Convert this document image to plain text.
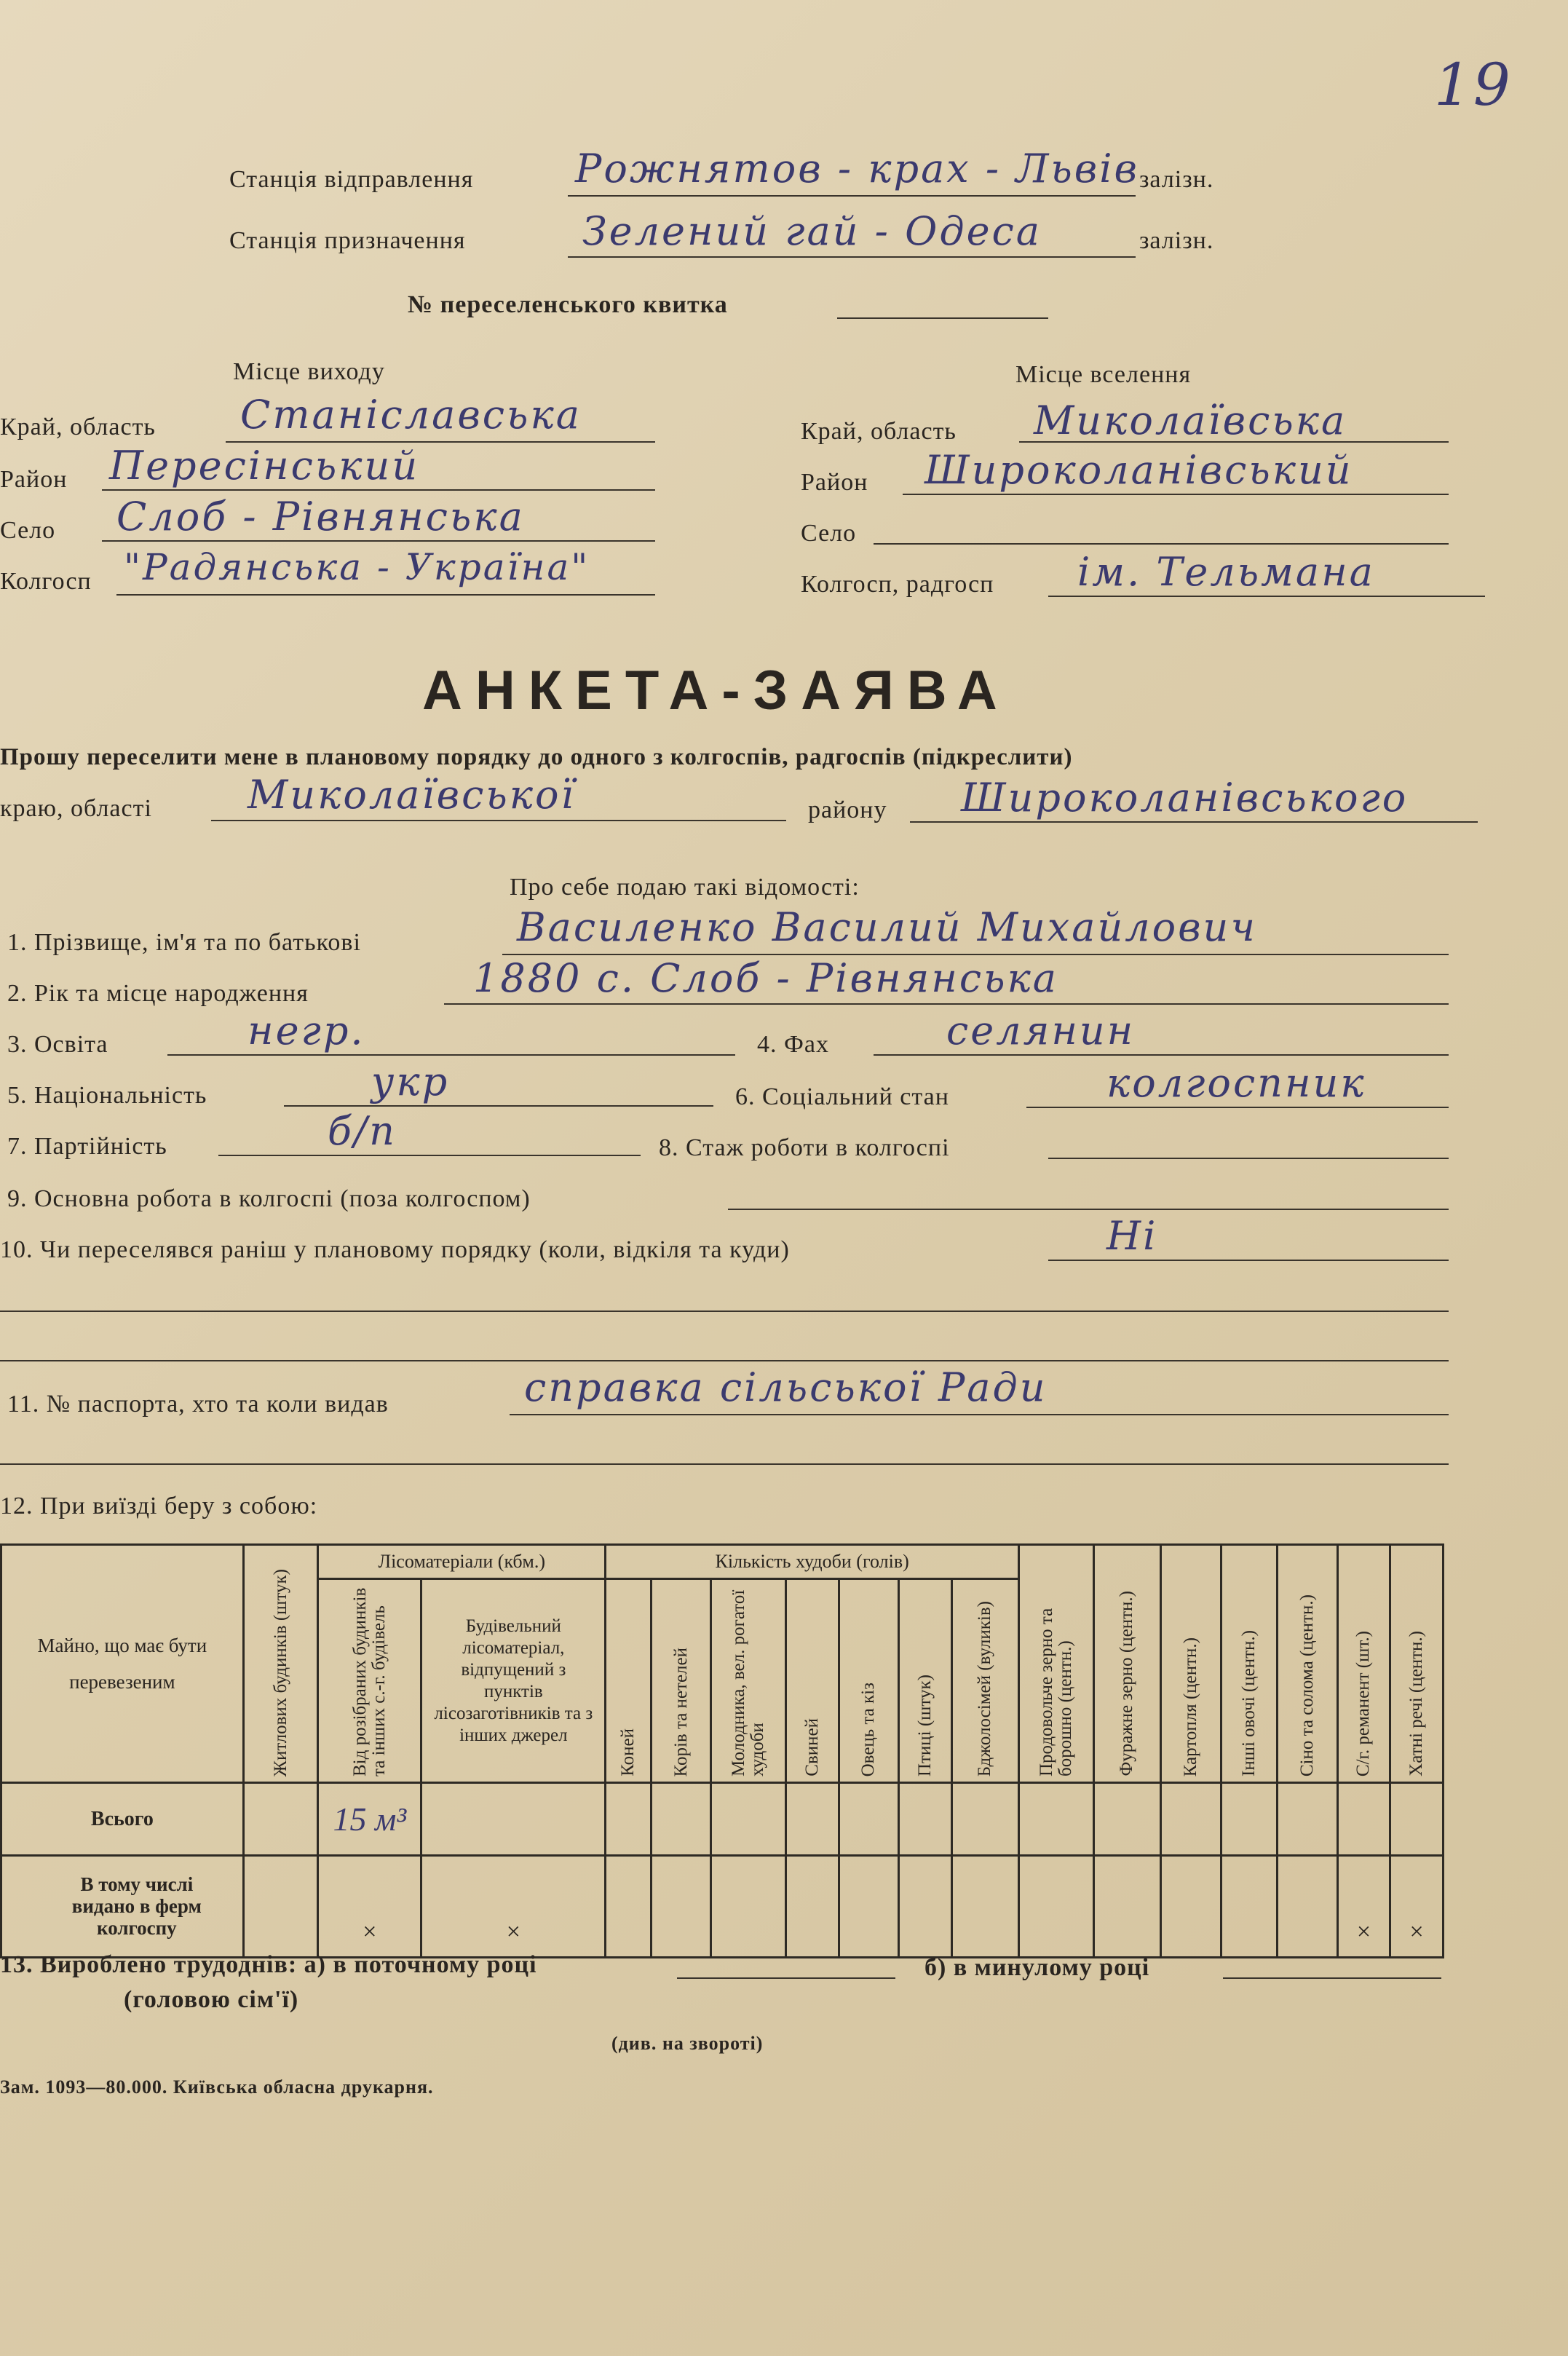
19
Станція відправлення	Рожнятов - крах - Львів залізн.
Станція призначення	Зелений гай - Одеса	залізн.
№ переселенського квитка
Місце виходу	Місце вселення
Край, область Станіславська
Район Пересінський
Село Слоб - Рівнянська
Колгосп "Радянська - Україна"
Край, область Миколаївська
Район Широколанівський
Село
Колгосп, радгосп ім. Тельмана
АНКЕТА-ЗАЯВА
Прошу переселити мене в плановому порядку до одного з колгоспів, радгоспів (підкреслити)
краю, області Миколаївської	району Широколанівського
Про себе подаю такі відомості:
1. Прізвище, ім'я та по батькові	Василенко Василий Михайлович
2. Рік та місце народження	1880 с. Слоб - Рівнянська
3. Освіта	негр.	4. Фах	селянин
5. Національність	укр	6. Соціальний стан	колгоспник
7. Партійність	б/п	8. Стаж роботи в колгоспі
9. Основна робота в колгоспі (поза колгоспом)
10. Чи переселявся раніш у плановому порядку (коли, відкіля та куди)	Ні
11. № паспорта, хто та коли видав	справка сільської Ради
12. При виїзді беру з собою:
Майно, що має бути перевезеним	Житлових будинків (штук)	Лісоматеріали (кбм.)		Кількість худоби (голів)							Продовольче зерно та борошно (центн.)	Фуражне зерно (центн.)	Картопля (центн.)	Інші овочі (центн.)	Сіно та солома (центн.)	С/г. реманент (шт.)	Хатні речі (центн.)
		Від розібраних будинків та інших с.-г. будівель	Будівельний лісоматеріал, відпущений з пунктів лісозаготівників та з інших джерел	Коней	Корів та нетелей	Молодника, вел. рогатої худоби	Свиней	Овець та кіз	Птиці (штук)	Бджолосімей (вуликів)							
Всього		15 м³															
В тому числі видано в ферм колгоспу		×	×													×	×
13. Вироблено трудоднів: а) в поточному році	б) в минулому році
(головою сім'ї)
(див. на звороті)
Зам. 1093—80.000. Київська обласна друкарня.
